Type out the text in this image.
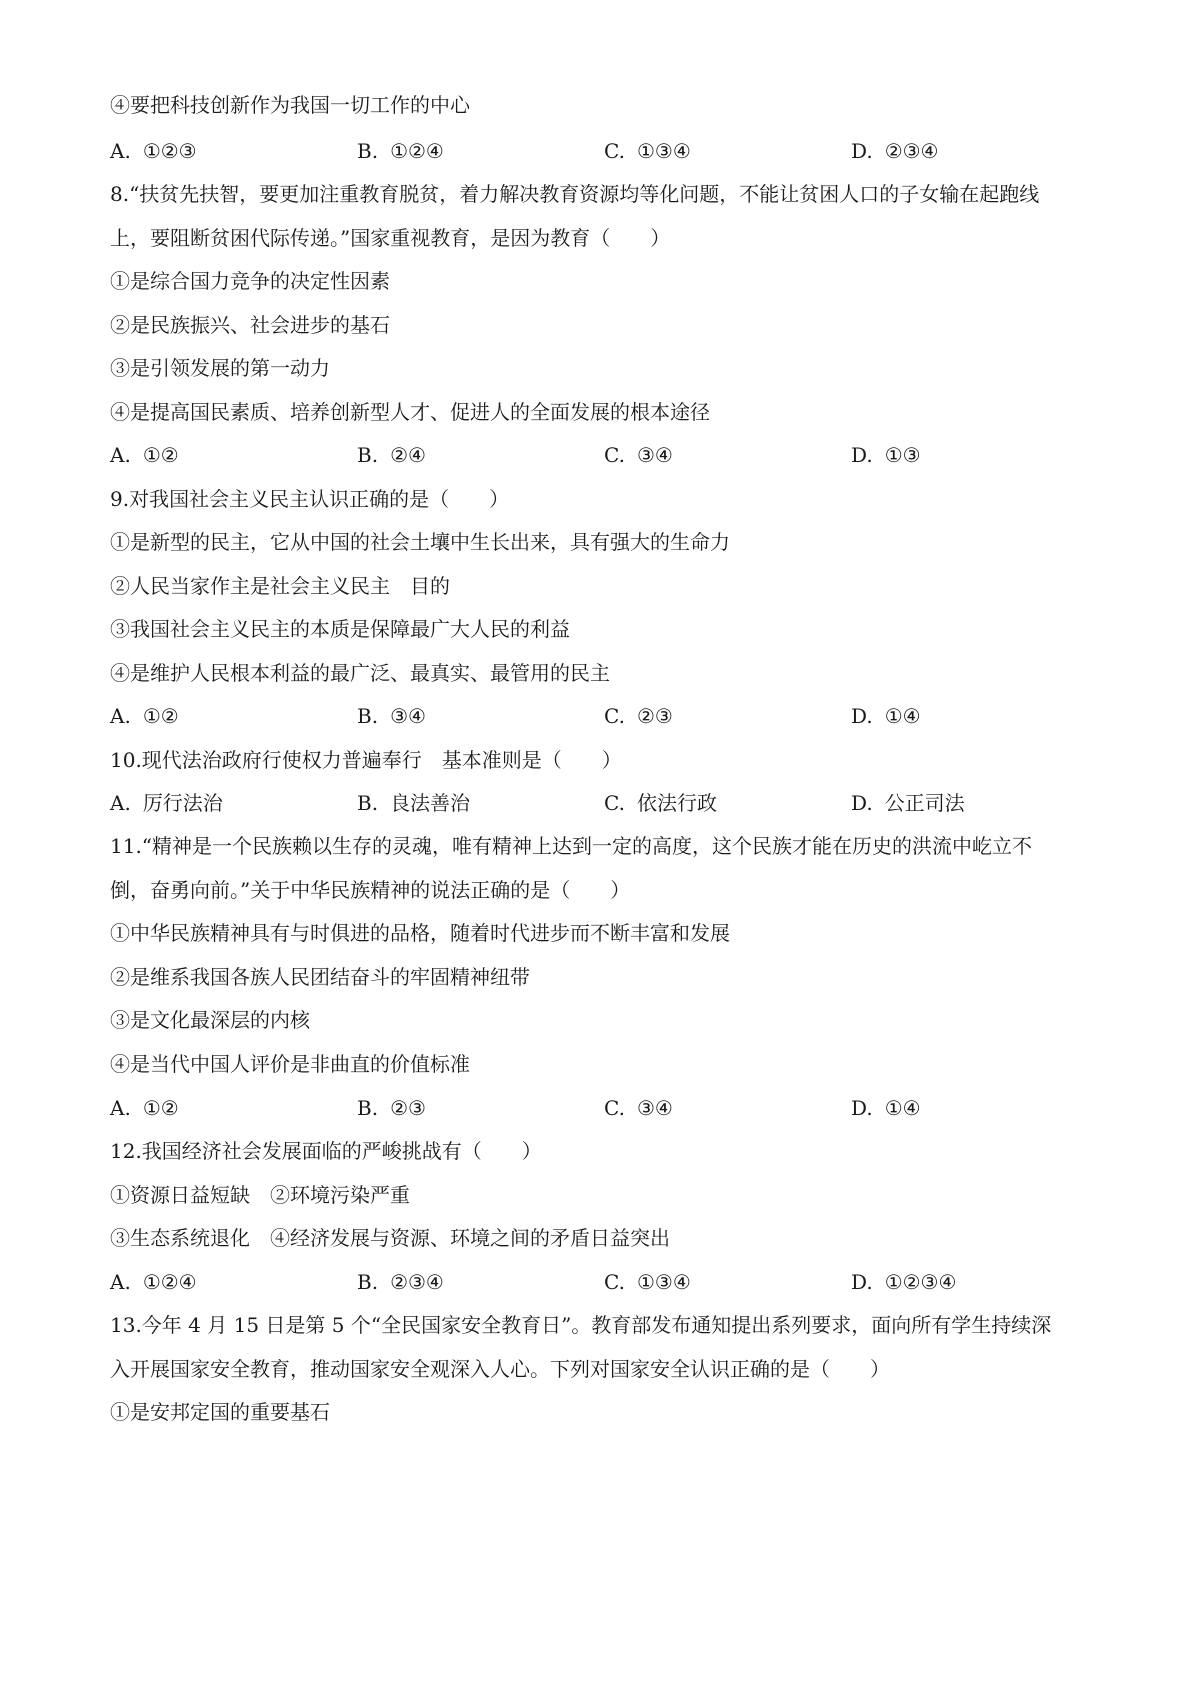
④要把科技创新作为我国一切工作的中心
A. ①②③	B. ①②④	C. ①③④	D. ②③④
8.“扶贫先扶智，要更加注重教育脱贫，着力解决教育资源均等化问题，不能让贫困人口的子女输在起跑线
上，要阻断贫困代际传递。”国家重视教育，是因为教育（　　）
①是综合国力竞争的决定性因素
②是民族振兴、社会进步的基石
③是引领发展的第一动力
④是提高国民素质、培养创新型人才、促进人的全面发展的根本途径
A. ①②	B. ②④	C. ③④	D. ①③
9.对我国社会主义民主认识正确的是（　　）
①是新型的民主，它从中国的社会土壤中生长出来，具有强大的生命力
②人民当家作主是社会主义民主　目的
③我国社会主义民主的本质是保障最广大人民的利益
④是维护人民根本利益的最广泛、最真实、最管用的民主
A. ①②	B. ③④	C. ②③	D. ①④
10.现代法治政府行使权力普遍奉行　基本准则是（　　）
A. 厉行法治	B. 良法善治	C. 依法行政	D. 公正司法
11.“精神是一个民族赖以生存的灵魂，唯有精神上达到一定的高度，这个民族才能在历史的洪流中屹立不
倒，奋勇向前。”关于中华民族精神的说法正确的是（　　）
①中华民族精神具有与时俱进的品格，随着时代进步而不断丰富和发展
②是维系我国各族人民团结奋斗的牢固精神纽带
③是文化最深层的内核
④是当代中国人评价是非曲直的价值标准
A. ①②	B. ②③	C. ③④	D. ①④
12.我国经济社会发展面临的严峻挑战有（　　）
①资源日益短缺　②环境污染严重
③生态系统退化　④经济发展与资源、环境之间的矛盾日益突出
A. ①②④	B. ②③④	C. ①③④	D. ①②③④
13.今年 4 月 15 日是第 5 个“全民国家安全教育日”。教育部发布通知提出系列要求，面向所有学生持续深
入开展国家安全教育，推动国家安全观深入人心。下列对国家安全认识正确的是（　　）
①是安邦定国的重要基石
